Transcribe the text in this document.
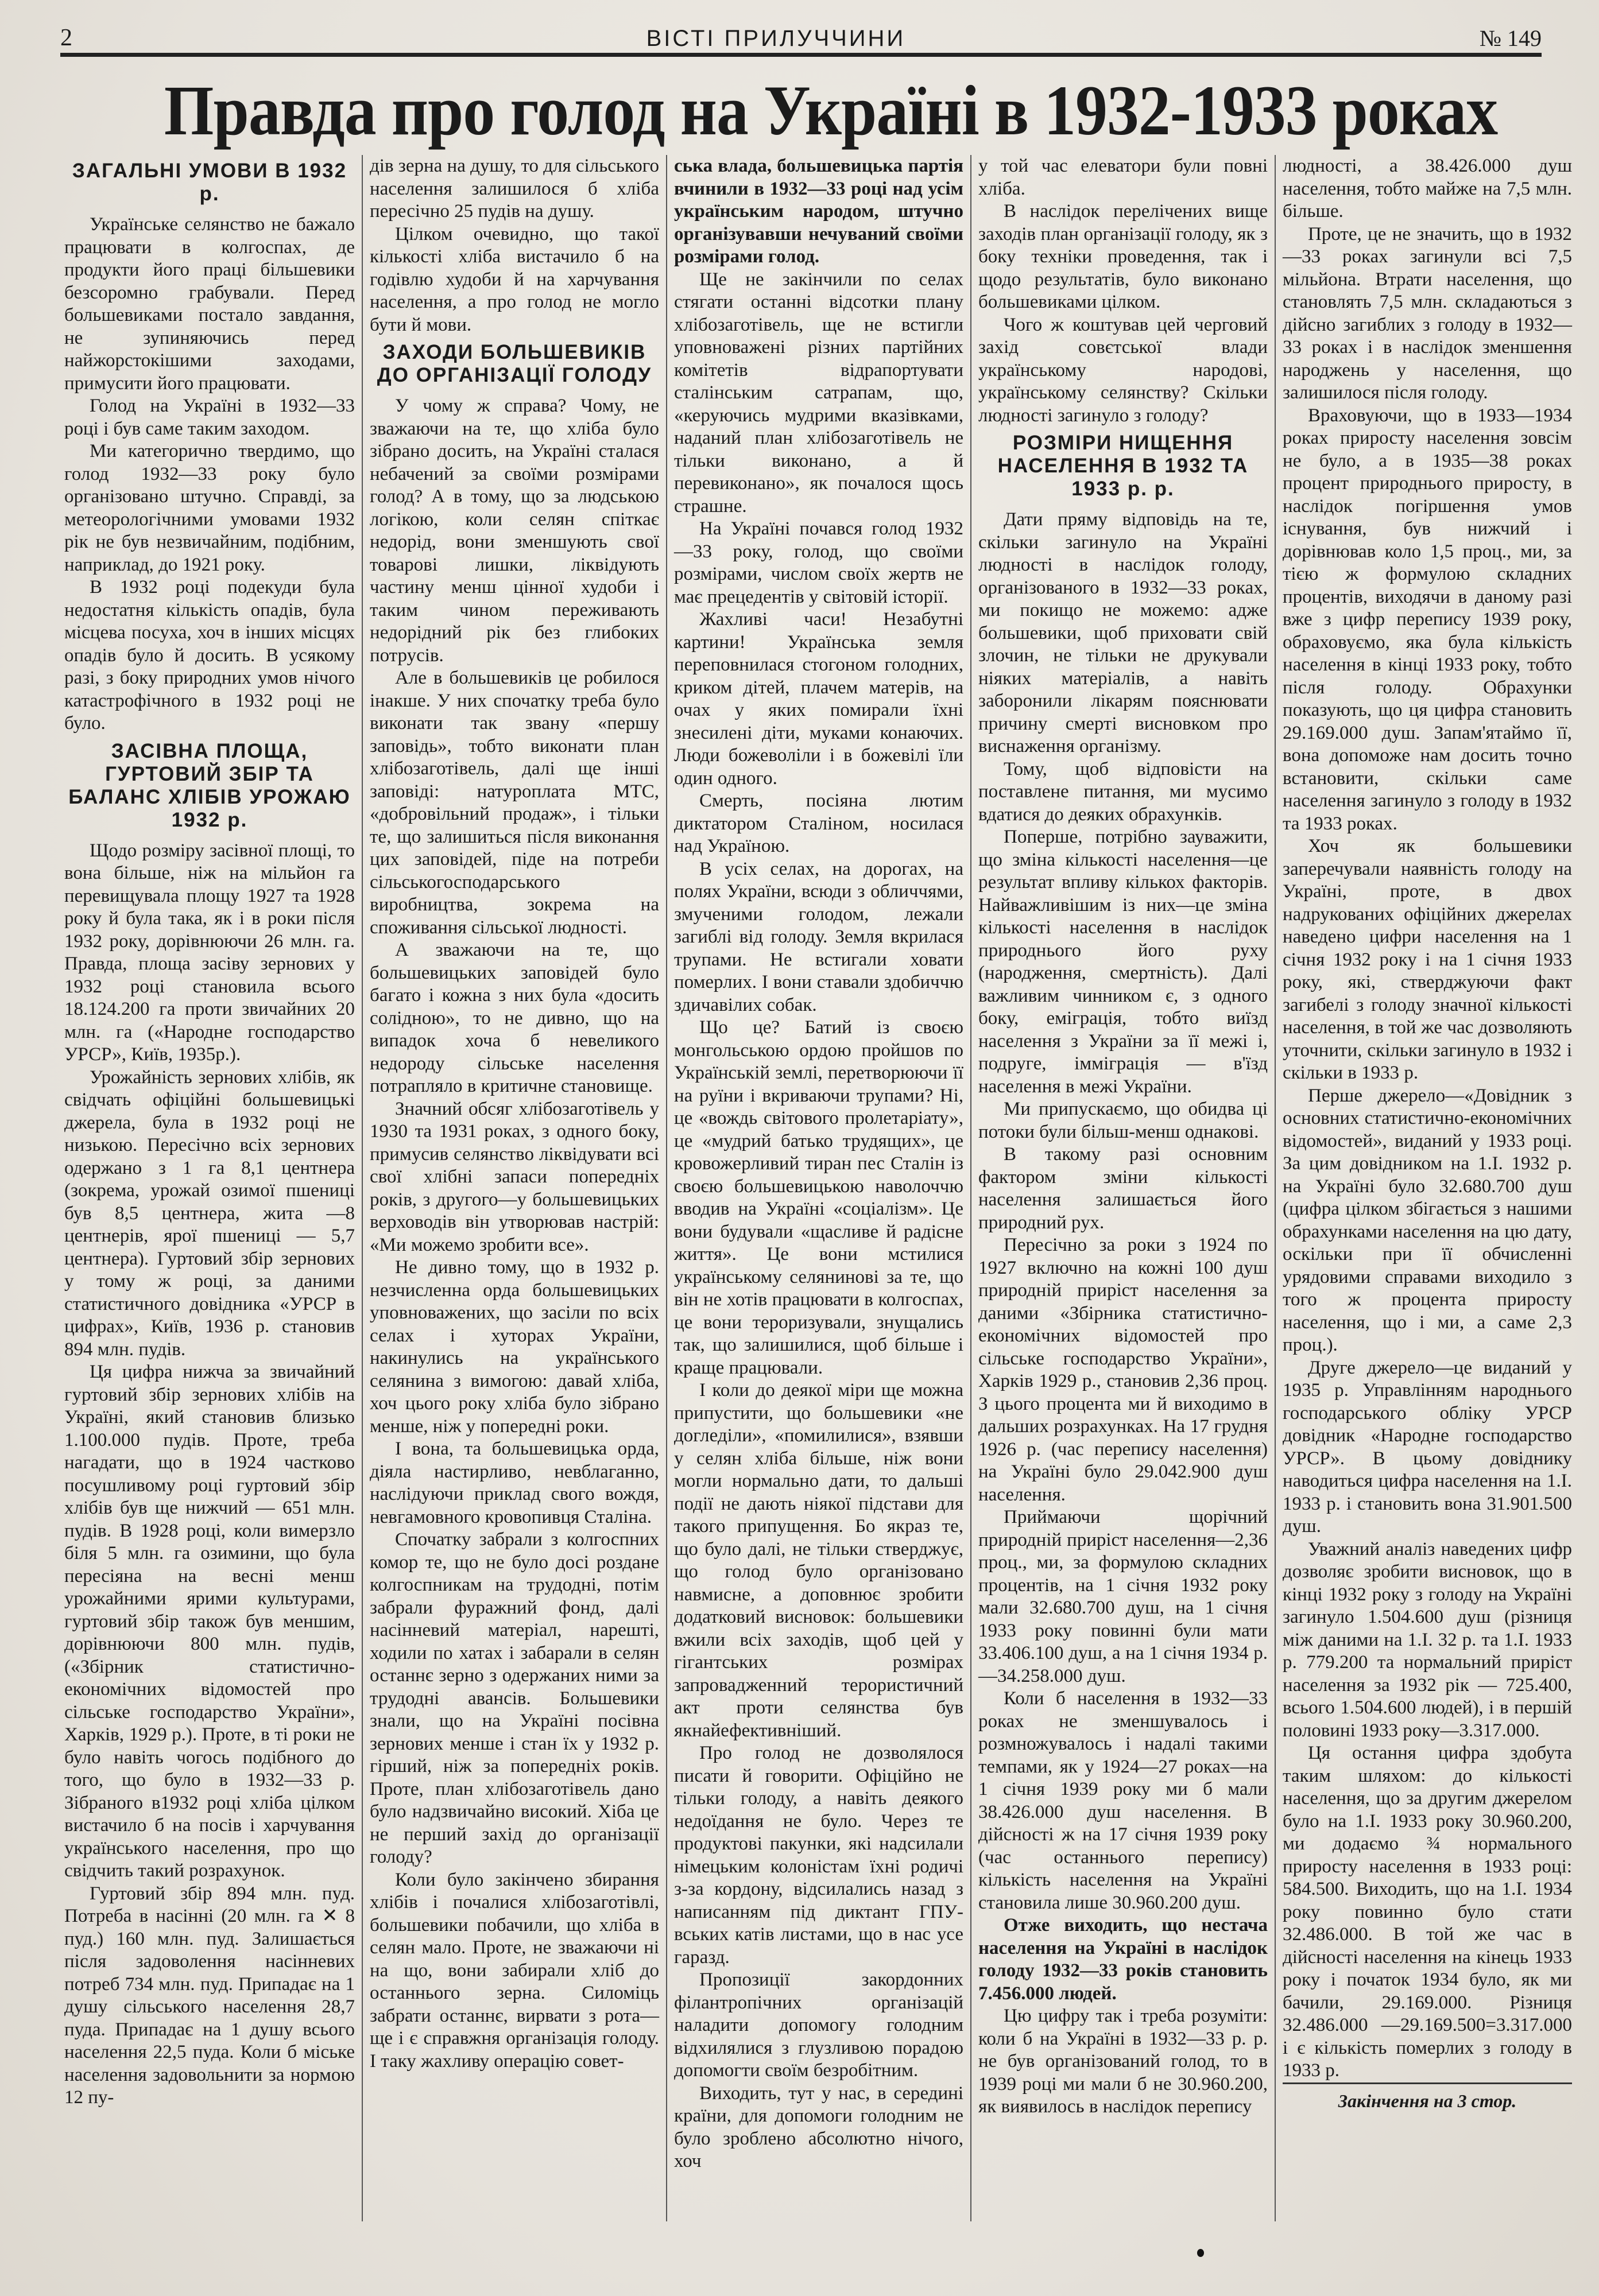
2	ВІСТІ ПРИЛУЧЧИНИ	№ 149
Правда про голод на Україні в 1932-1933 роках
ЗАГАЛЬНІ УМОВИ В 1932 р.

Українське селянство не бажало працювати в колгоспах, де продукти його праці більшевики безсоромно грабували. Перед большевиками постало завдання, не зупиняючись перед найжорстокішими заходами, примусити його працювати.

Голод на Україні в 1932—33 році і був саме таким заходом.

Ми категорично твердимо, що голод 1932—33 року було організовано штучно. Справді, за метеорологічними умовами 1932 рік не був незвичайним, подібним, наприклад, до 1921 року.

В 1932 році подекуди була недостатня кількість опадів, була місцева посуха, хоч в інших місцях опадів було й досить. В усякому разі, з боку природних умов нічого катастрофічного в 1932 році не було.

ЗАСІВНА ПЛОЩА, ГУРТОВИЙ ЗБІР ТА БАЛАНС ХЛІБІВ УРОЖАЮ 1932 р.

Щодо розміру засівної площі, то вона більше, ніж на мільйон га перевищувала площу 1927 та 1928 року й була така, як і в роки після 1932 року, дорівнюючи 26 млн. га. Правда, площа засіву зернових у 1932 році становила всього 18.124.200 га проти звичайних 20 млн. га («Народне господарство УРСР», Київ, 1935р.).

Урожайність зернових хлібів, як свідчать офіційні большевицькі джерела, була в 1932 році не низькою. Пересічно всіх зернових одержано з 1 га 8,1 центнера (зокрема, урожай озимої пшениці був 8,5 центнера, жита —8 центнерів, ярої пшениці — 5,7 центнера). Гуртовий збір зернових у тому ж році, за даними статистичного довідника «УРСР в цифрах», Київ, 1936 р. становив 894 млн. пудів.

Ця цифра нижча за звичайний гуртовий збір зернових хлібів на Україні, який становив близько 1.100.000 пудів. Проте, треба нагадати, що в 1924 частково посушливому році гуртовий збір хлібів був ще нижчий — 651 млн. пудів. В 1928 році, коли вимерзло біля 5 млн. га озимини, що була пересіяна на весні менш урожайними ярими культурами, гуртовий збір також був меншим, дорівнюючи 800 млн. пудів, («Збірник статистично-економічних відомостей про сільське господарство України», Харків, 1929 р.). Проте, в ті роки не було навіть чогось подібного до того, що було в 1932—33 р. Зібраного в1932 році хліба цілком вистачило б на посів і харчування українського населення, про що свідчить такий розрахунок.

Гуртовий збір 894 млн. пуд. Потреба в насінні (20 млн. га ✕ 8 пуд.) 160 млн. пуд. Залишається після задоволення насінневих потреб 734 млн. пуд. Припадає на 1 душу сільського населення 28,7 пуда. Припадає на 1 душу всього населення 22,5 пуда. Коли б міське населення задовольнити за нормою 12 пу-

дів зерна на душу, то для сільського населення залишилося б хліба пересічно 25 пудів на душу.

Цілком очевидно, що такої кількості хліба вистачило б на годівлю худоби й на харчування населення, а про голод не могло бути й мови.

ЗАХОДИ БОЛЬШЕВИКІВ ДО ОРГАНІЗАЦІЇ ГОЛОДУ

У чому ж справа? Чому, не зважаючи на те, що хліба було зібрано досить, на Україні сталася небачений за своїми розмірами голод? А в тому, що за людською логікою, коли селян спіткає недорід, вони зменшують свої товарові лишки, ліквідують частину менш цінної худоби і таким чином переживають недорідний рік без глибоких потрусів.

Але в большевиків це робилося інакше. У них спочатку треба було виконати так звану «першу заповідь», тобто виконати план хлібозаготівель, далі ще інші заповіді: натуроплата МТС, «добровільний продаж», і тільки те, що залишиться після виконання цих заповідей, піде на потреби сільськогосподарського виробництва, зокрема на споживання сільської людності.

А зважаючи на те, що большевицьких заповідей було багато і кожна з них була «досить солідною», то не дивно, що на випадок хоча б невеликого недороду сільське населення потрапляло в критичне становище.

Значний обсяг хлібозаготівель у 1930 та 1931 роках, з одного боку, примусив селянство ліквідувати всі свої хлібні запаси попередніх років, з другого—у большевицьких верховодів він утворював настрій: «Ми можемо зробити все».

Не дивно тому, що в 1932 р. незчисленна орда большевицьких уповноважених, що засіли по всіх селах і хуторах України, накинулись на українського селянина з вимогою: давай хліба, хоч цього року хліба було зібрано менше, ніж у попередні роки.

І вона, та большевицька орда, діяла настирливо, невблаганно, наслідуючи приклад свого вождя, невгамовного кровопивця Сталіна.

Спочатку забрали з колгоспних комор те, що не було досі роздане колгоспникам на трудодні, потім забрали фуражний фонд, далі насінневий матеріал, нарешті, ходили по хатах і забарали в селян останнє зерно з одержаних ними за трудодні авансів. Большевики знали, що на Україні посівна зернових менше і стан їх у 1932 р. гірший, ніж за попередніх років. Проте, план хлібозаготівель дано було надзвичайно високий. Хіба це не перший захід до організації голоду?

Коли було закінчено збирання хлібів і почалися хлібозаготівлі, большевики побачили, що хліба в селян мало. Проте, не зважаючи ні на що, вони забирали хліб до останнього зерна. Силоміць забрати останнє, вирвати з рота—ще і є справжня організація голоду. І таку жахливу операцію совет-

ська влада, большевицька партія вчинили в 1932—33 році над усім українським народом, штучно організувавши нечуваний своїми розмірами голод.

Ще не закінчили по селах стягати останні відсотки плану хлібозаготівель, ще не встигли уповноважені різних партійних комітетів відрапортувати сталінським сатрапам, що, «керуючись мудрими вказівками, наданий план хлібозаготівель не тільки виконано, а й перевиконано», як почалося щось страшне.

На Україні почався голод 1932—33 року, голод, що своїми розмірами, числом своїх жертв не має прецедентів у світовій історії.

Жахливі часи! Незабутні картини! Українська земля переповнилася стогоном голодних, криком дітей, плачем матерів, на очах у яких помирали їхні знесилені діти, муками конаючих. Люди божеволіли і в божевілі їли один одного.

Смерть, посіяна лютим диктатором Сталіном, носилася над Україною.

В усіх селах, на дорогах, на полях України, всюди з обличчями, змученими голодом, лежали загиблі від голоду. Земля вкрилася трупами. Не встигали ховати померлих. І вони ставали здобиччю здичавілих собак.

Що це? Батий із своєю монгольською ордою пройшов по Українській землі, перетворюючи її на руїни і вкриваючи трупами? Ні, це «вождь світового пролетаріату», це «мудрий батько трудящих», це кровожерливий тиран пес Сталін із своєю большевицькою наволоччю вводив на Україні «соціалізм». Це вони будували «щасливе й радісне життя». Це вони мстилися українському селянинові за те, що він не хотів працювати в колгоспах, це вони тероризували, знущались так, що залишилися, щоб більше і краще працювали.

І коли до деякої міри ще можна припустити, що большевики «не догледіли», «помилилися», взявши у селян хліба більше, ніж вони могли нормально дати, то дальші події не дають ніякої підстави для такого припущення. Бо якраз те, що було далі, не тільки стверджує, що голод було організовано навмисне, а доповнює зробити додатковий висновок: большевики вжили всіх заходів, щоб цей у гігантських розмірах запровадженний терористичний акт проти селянства був якнайефективніший.

Про голод не дозволялося писати й говорити. Офіційно не тільки голоду, а навіть деякого недоїдання не було. Через те продуктові пакунки, які надсилали німецьким колоністам їхні родичі з-за кордону, відсилались назад з написанням під диктант ГПУ-вських катів листами, що в нас усе гаразд.

Пропозиції закордонних філантропічних організацій наладити допомогу голодним відхилялися з глузливою порадою допомогти своїм безробітним.

Виходить, тут у нас, в середині країни, для допомоги голодним не було зроблено абсолютно нічого, хоч

у той час елеватори були повні хліба.

В наслідок перелічених вище заходів план організації голоду, як з боку техніки проведення, так і щодо результатів, було виконано большевиками цілком.

Чого ж коштував цей черговий захід совєтської влади українському народові, українському селянству? Скільки людності загинуло з голоду?

РОЗМІРИ НИЩЕННЯ НАСЕЛЕННЯ В 1932 ТА 1933 р. р.

Дати пряму відповідь на те, скільки загинуло на Україні людності в наслідок голоду, організованого в 1932—33 роках, ми покищо не можемо: адже большевики, щоб приховати свій злочин, не тільки не друкували ніяких матеріалів, а навіть заборонили лікарям пояснювати причину смерті висновком про виснаження організму.

Тому, щоб відповісти на поставлене питання, ми мусимо вдатися до деяких обрахунків.

Поперше, потрібно зауважити, що зміна кількості населення—це результат впливу кількох факторів. Найважливішим із них—це зміна кількості населення в наслідок природнього його руху (народження, смертність). Далі важливим чинником є, з одного боку, еміграція, тобто виїзд населення з України за її межі і, подруге, імміграція — в'їзд населення в межі України.

Ми припускаємо, що обидва ці потоки були більш-менш однакові.

В такому разі основним фактором зміни кількості населення залишається його природний рух.

Пересічно за роки з 1924 по 1927 включно на кожні 100 душ природній приріст населення за даними «Збірника статистично-економічних відомостей про сільське господарство України», Харків 1929 р., становив 2,36 проц. З цього процента ми й виходимо в дальших розрахунках. На 17 грудня 1926 р. (час перепису населення) на Україні було 29.042.900 душ населення.

Приймаючи щорічний природній приріст населення—2,36 проц., ми, за формулою складних процентів, на 1 січня 1932 року мали 32.680.700 душ, на 1 січня 1933 року повинні були мати 33.406.100 душ, а на 1 січня 1934 р.—34.258.000 душ.

Коли б населення в 1932—33 роках не зменшувалось і розмножувалось і надалі такими темпами, як у 1924—27 роках—на 1 січня 1939 року ми б мали 38.426.000 душ населення. В дійсності ж на 17 січня 1939 року (час останнього перепису) кількість населення на Україні становила лише 30.960.200 душ.

Отже виходить, що нестача населення на Україні в наслідок голоду 1932—33 років становить 7.456.000 людей.

Цю цифру так і треба розуміти: коли б на Україні в 1932—33 р. р. не був організований голод, то в 1939 році ми мали б не 30.960.200, як виявилось в наслідок перепису

людності, а 38.426.000 душ населення, тобто майже на 7,5 млн. більше.

Проте, це не значить, що в 1932—33 роках загинули всі 7,5 мільйона. Втрати населення, що становлять 7,5 млн. складаються з дійсно загиблих з голоду в 1932—33 роках і в наслідок зменшення народжень у населення, що залишилося після голоду.

Враховуючи, що в 1933—1934 роках приросту населення зовсім не було, а в 1935—38 роках процент природнього приросту, в наслідок погіршення умов існування, був нижчий і дорівнював коло 1,5 проц., ми, за тією ж формулою складних процентів, виходячи в даному разі вже з цифр перепису 1939 року, обраховуємо, яка була кількість населення в кінці 1933 року, тобто після голоду. Обрахунки показують, що ця цифра становить 29.169.000 душ. Запам'ятаймо її, вона допоможе нам досить точно встановити, скільки саме населення загинуло з голоду в 1932 та 1933 роках.

Хоч як большевики заперечували наявність голоду на Україні, проте, в двох надрукованих офіційних джерелах наведено цифри населення на 1 січня 1932 року і на 1 січня 1933 року, які, стверджуючи факт загибелі з голоду значної кількості населення, в той же час дозволяють уточнити, скільки загинуло в 1932 і скільки в 1933 р.

Перше джерело—«Довідник з основних статистично-економічних відомостей», виданий у 1933 році. За цим довідником на 1.І. 1932 р. на Україні було 32.680.700 душ (цифра цілком збігається з нашими обрахунками населення на цю дату, оскільки при її обчисленні урядовими справами виходило з того ж процента приросту населення, що і ми, а саме 2,3 проц.).

Друге джерело—це виданий у 1935 р. Управлінням народнього господарського обліку УРСР довідник «Народне господарство УРСР». В цьому довіднику наводиться цифра населення на 1.І. 1933 р. і становить вона 31.901.500 душ.

Уважний аналіз наведених цифр дозволяє зробити висновок, що в кінці 1932 року з голоду на Україні загинуло 1.504.600 душ (різниця між даними на 1.І. 32 р. та 1.І. 1933 р. 779.200 та нормальний приріст населення за 1932 рік — 725.400, всього 1.504.600 людей), і в першій половині 1933 року—3.317.000.

Ця остання цифра здобута таким шляхом: до кількості населення, що за другим джерелом було на 1.І. 1933 року 30.960.200, ми додаємо ¾ нормального приросту населення в 1933 році: 584.500. Виходить, що на 1.І. 1934 року повинно було стати 32.486.000. В той же час в дійсності населення на кінець 1933 року і початок 1934 було, як ми бачили, 29.169.000. Різниця 32.486.000 —29.169.500=3.317.000 і є кількість померлих з голоду в 1933 р.

Закінчення на 3 стор.
